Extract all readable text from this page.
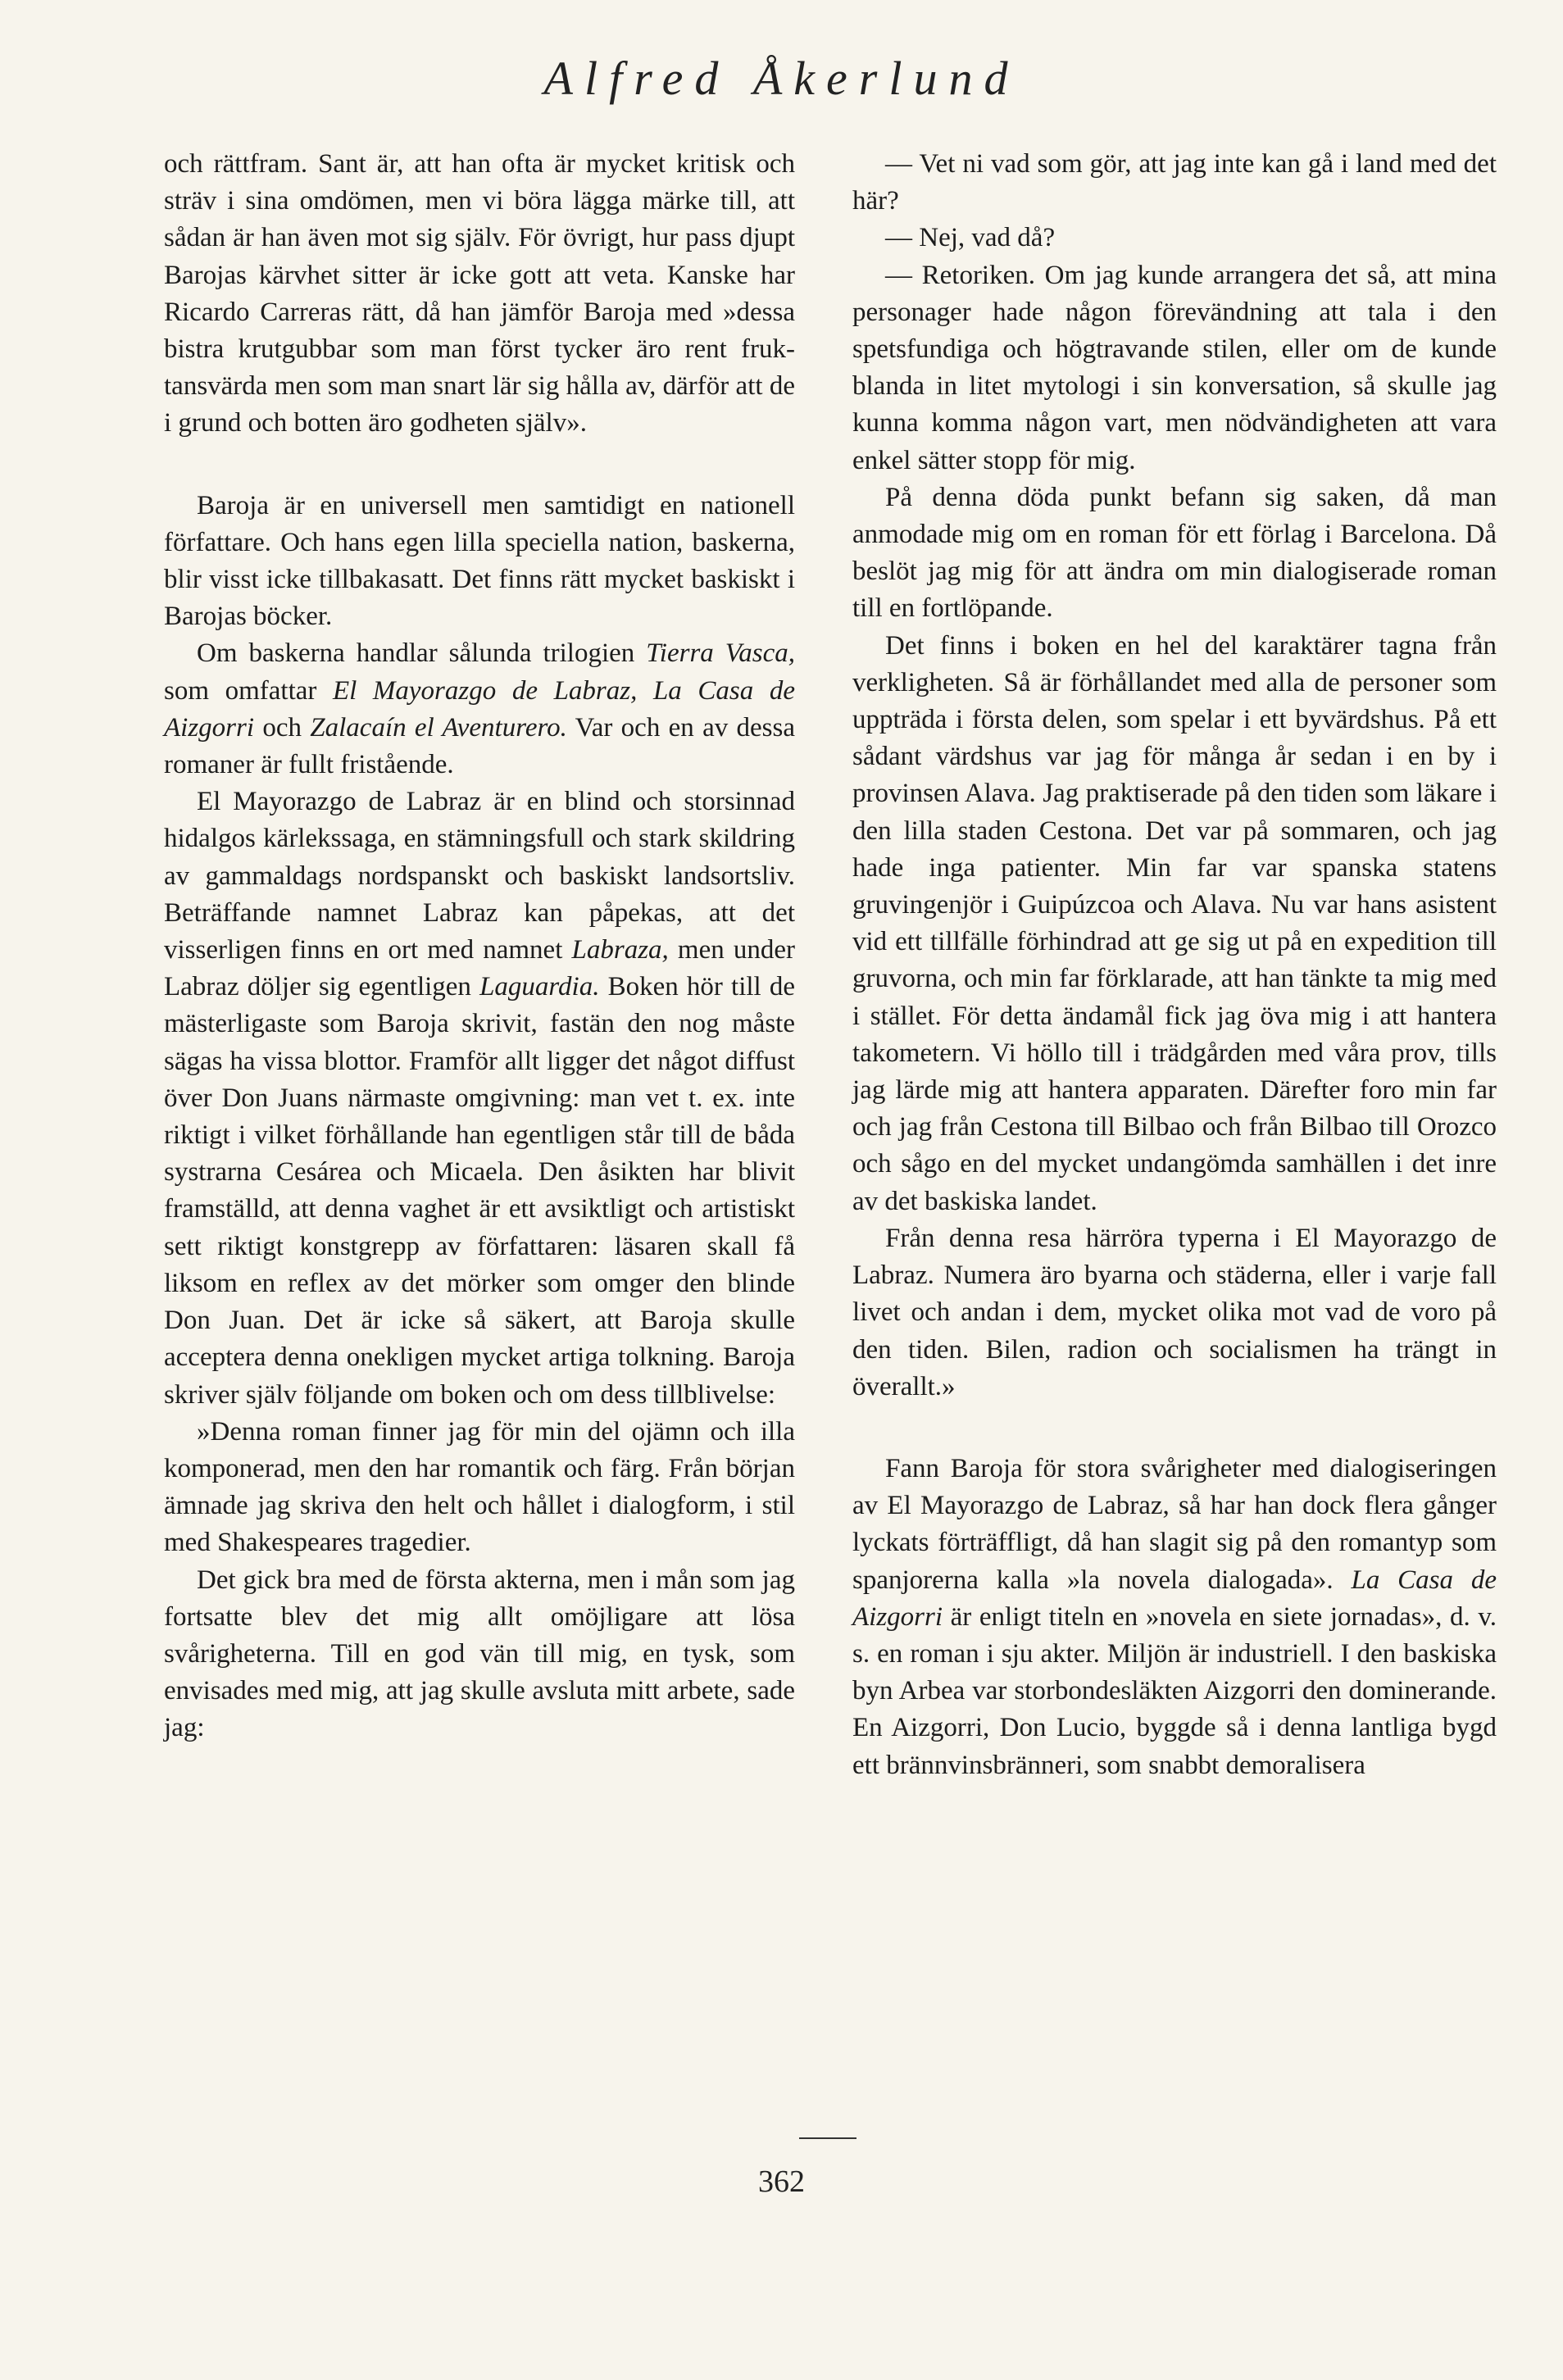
Alfred Åkerlund

och rättfram. Sant är, att han ofta är mycket kritisk och sträv i sina omdömen, men vi böra lägga märke till, att sådan är han även mot sig själv. För övrigt, hur pass djupt Barojas kärvhet sitter är icke gott att veta. Kanske har Ricardo Carreras rätt, då han jämför Baroja med »dessa bistra krutgubbar som man först tycker äro rent fruktansvärda men som man snart lär sig hålla av, därför att de i grund och botten äro godheten själv».

Baroja är en universell men samtidigt en nationell författare. Och hans egen lilla speciella nation, baskerna, blir visst icke tillbakasatt. Det finns rätt mycket baskiskt i Barojas böcker.

Om baskerna handlar sålunda trilogien Tierra Vasca, som omfattar El Mayorazgo de Labraz, La Casa de Aizgorri och Zalacaín el Aventurero. Var och en av dessa romaner är fullt fristående.

El Mayorazgo de Labraz är en blind och storsinnad hidalgos kärlekssaga, en stämningsfull och stark skildring av gammaldags nordspanskt och baskiskt landsortsliv. Beträffande namnet Labraz kan påpekas, att det visserligen finns en ort med namnet Labraza, men under Labraz döljer sig egentligen Laguardia. Boken hör till de mästerligaste som Baroja skrivit, fastän den nog måste sägas ha vissa blottor. Framför allt ligger det något diffust över Don Juans närmaste omgivning: man vet t. ex. inte riktigt i vilket förhållande han egentligen står till de båda systrarna Cesárea och Micaela. Den åsikten har blivit framställd, att denna vaghet är ett avsiktligt och artistiskt sett riktigt konstgrepp av författaren: läsaren skall få liksom en reflex av det mörker som omger den blinde Don Juan. Det är icke så säkert, att Baroja skulle acceptera denna onekligen mycket artiga tolkning. Baroja skriver själv följande om boken och om dess tillblivelse:

»Denna roman finner jag för min del ojämn och illa komponerad, men den har romantik och färg. Från början ämnade jag skriva den helt och hållet i dialogform, i stil med Shakespeares tragedier.

Det gick bra med de första akterna, men i mån som jag fortsatte blev det mig allt omöjligare att lösa svårigheterna. Till en god vän till mig, en tysk, som envisades med mig, att jag skulle avsluta mitt arbete, sade jag:

— Vet ni vad som gör, att jag inte kan gå i land med det här?

— Nej, vad då?

— Retoriken. Om jag kunde arrangera det så, att mina personager hade någon förevändning att tala i den spetsfundiga och högtravande stilen, eller om de kunde blanda in litet mytologi i sin konversation, så skulle jag kunna komma någon vart, men nödvändigheten att vara enkel sätter stopp för mig.

På denna döda punkt befann sig saken, då man anmodade mig om en roman för ett förlag i Barcelona. Då beslöt jag mig för att ändra om min dialogiserade roman till en fortlöpande.

Det finns i boken en hel del karaktärer tagna från verkligheten. Så är förhållandet med alla de personer som uppträda i första delen, som spelar i ett byvärdshus. På ett sådant värdshus var jag för många år sedan i en by i provinsen Alava. Jag praktiserade på den tiden som läkare i den lilla staden Cestona. Det var på sommaren, och jag hade inga patienter. Min far var spanska statens gruvingenjör i Guipúzcoa och Alava. Nu var hans asistent vid ett tillfälle förhindrad att ge sig ut på en expedition till gruvorna, och min far förklarade, att han tänkte ta mig med i stället. För detta ändamål fick jag öva mig i att hantera takometern. Vi höllo till i trädgården med våra prov, tills jag lärde mig att hantera apparaten. Därefter foro min far och jag från Cestona till Bilbao och från Bilbao till Orozco och sågo en del mycket undangömda samhällen i det inre av det baskiska landet.

Från denna resa härröra typerna i El Mayorazgo de Labraz. Numera äro byarna och städerna, eller i varje fall livet och andan i dem, mycket olika mot vad de voro på den tiden. Bilen, radion och socialismen ha trängt in överallt.»

Fann Baroja för stora svårigheter med dialogiseringen av El Mayorazgo de Labraz, så har han dock flera gånger lyckats förträffligt, då han slagit sig på den romantyp som spanjorerna kalla »la novela dialogada». La Casa de Aizgorri är enligt titeln en »novela en siete jornadas», d. v. s. en roman i sju akter. Miljön är industriell. I den baskiska byn Arbea var storbondesläkten Aizgorri den dominerande. En Aizgorri, Don Lucio, byggde så i denna lantliga bygd ett brännvinsbränneri, som snabbt demoralisera

362
